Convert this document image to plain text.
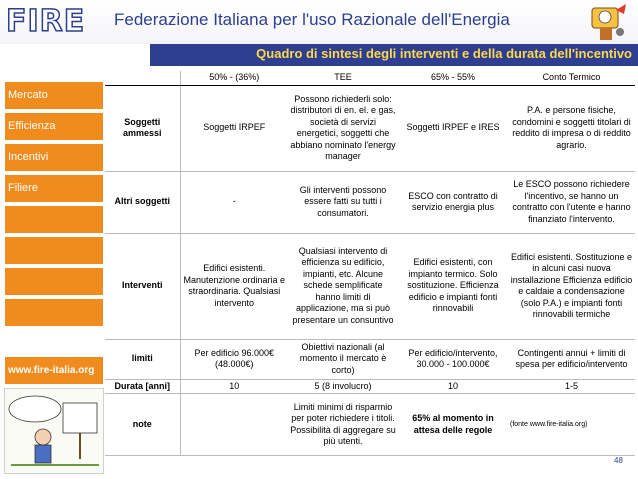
FIRE Federazione Italiana per l'uso Razionale dell'Energia
Quadro di sintesi degli interventi e della durata dell'incentivo
Mercato
Efficienza
Incentivi
Filiere
www.fire-italia.org
	50% - (36%)	TEE	65% - 55%	Conto Termico
Soggetti ammessi	Soggetti IRPEF	Possono richiederli solo: distributori di en. el. e gas, società di servizi energetici, soggetti che abbiano nominato l'energy manager	Soggetti IRPEF e IRES	P.A. e persone fisiche, condomini e soggetti titolari di reddito di impresa o di reddito agrario.
Altri soggetti	-	Gli interventi possono essere fatti su tutti i consumatori.	ESCO con contratto di servizio energia plus	Le ESCO possono richiedere l'incentivo, se hanno un contratto con l'utente e hanno finanziato l'intervento.
Interventi	Edifici esistenti. Manutenzione ordinaria e straordinaria. Qualsiasi intervento	Qualsiasi intervento di efficienza su edificio, impianti, etc. Alcune schede semplificate hanno limiti di applicazione, ma si può presentare un consuntivo	Edifici esistenti, con impianto termico. Solo sostituzione. Efficienza edificio e impianti fonti rinnovabili	Edifici esistenti. Sostituzione e in alcuni casi nuova installazione Efficienza edificio e caldaie a condensazione (solo P.A.) e impianti fonti rinnovabili termiche
limiti	Per edificio 96.000€ (48.000€)	Obiettivi nazionali (al momento il mercato è corto)	Per edificio/intervento, 30.000 - 100.000€	Contingenti annui + limiti di spesa per edificio/intervento
Durata [anni]	10	5 (8 involucro)	10	1-5
note		Limiti minimi di risparmio per poter richiedere i titoli. Possibilità di aggregare su più utenti.	65% al momento in attesa delle regole	(fonte www.fire-italia.org)
48
